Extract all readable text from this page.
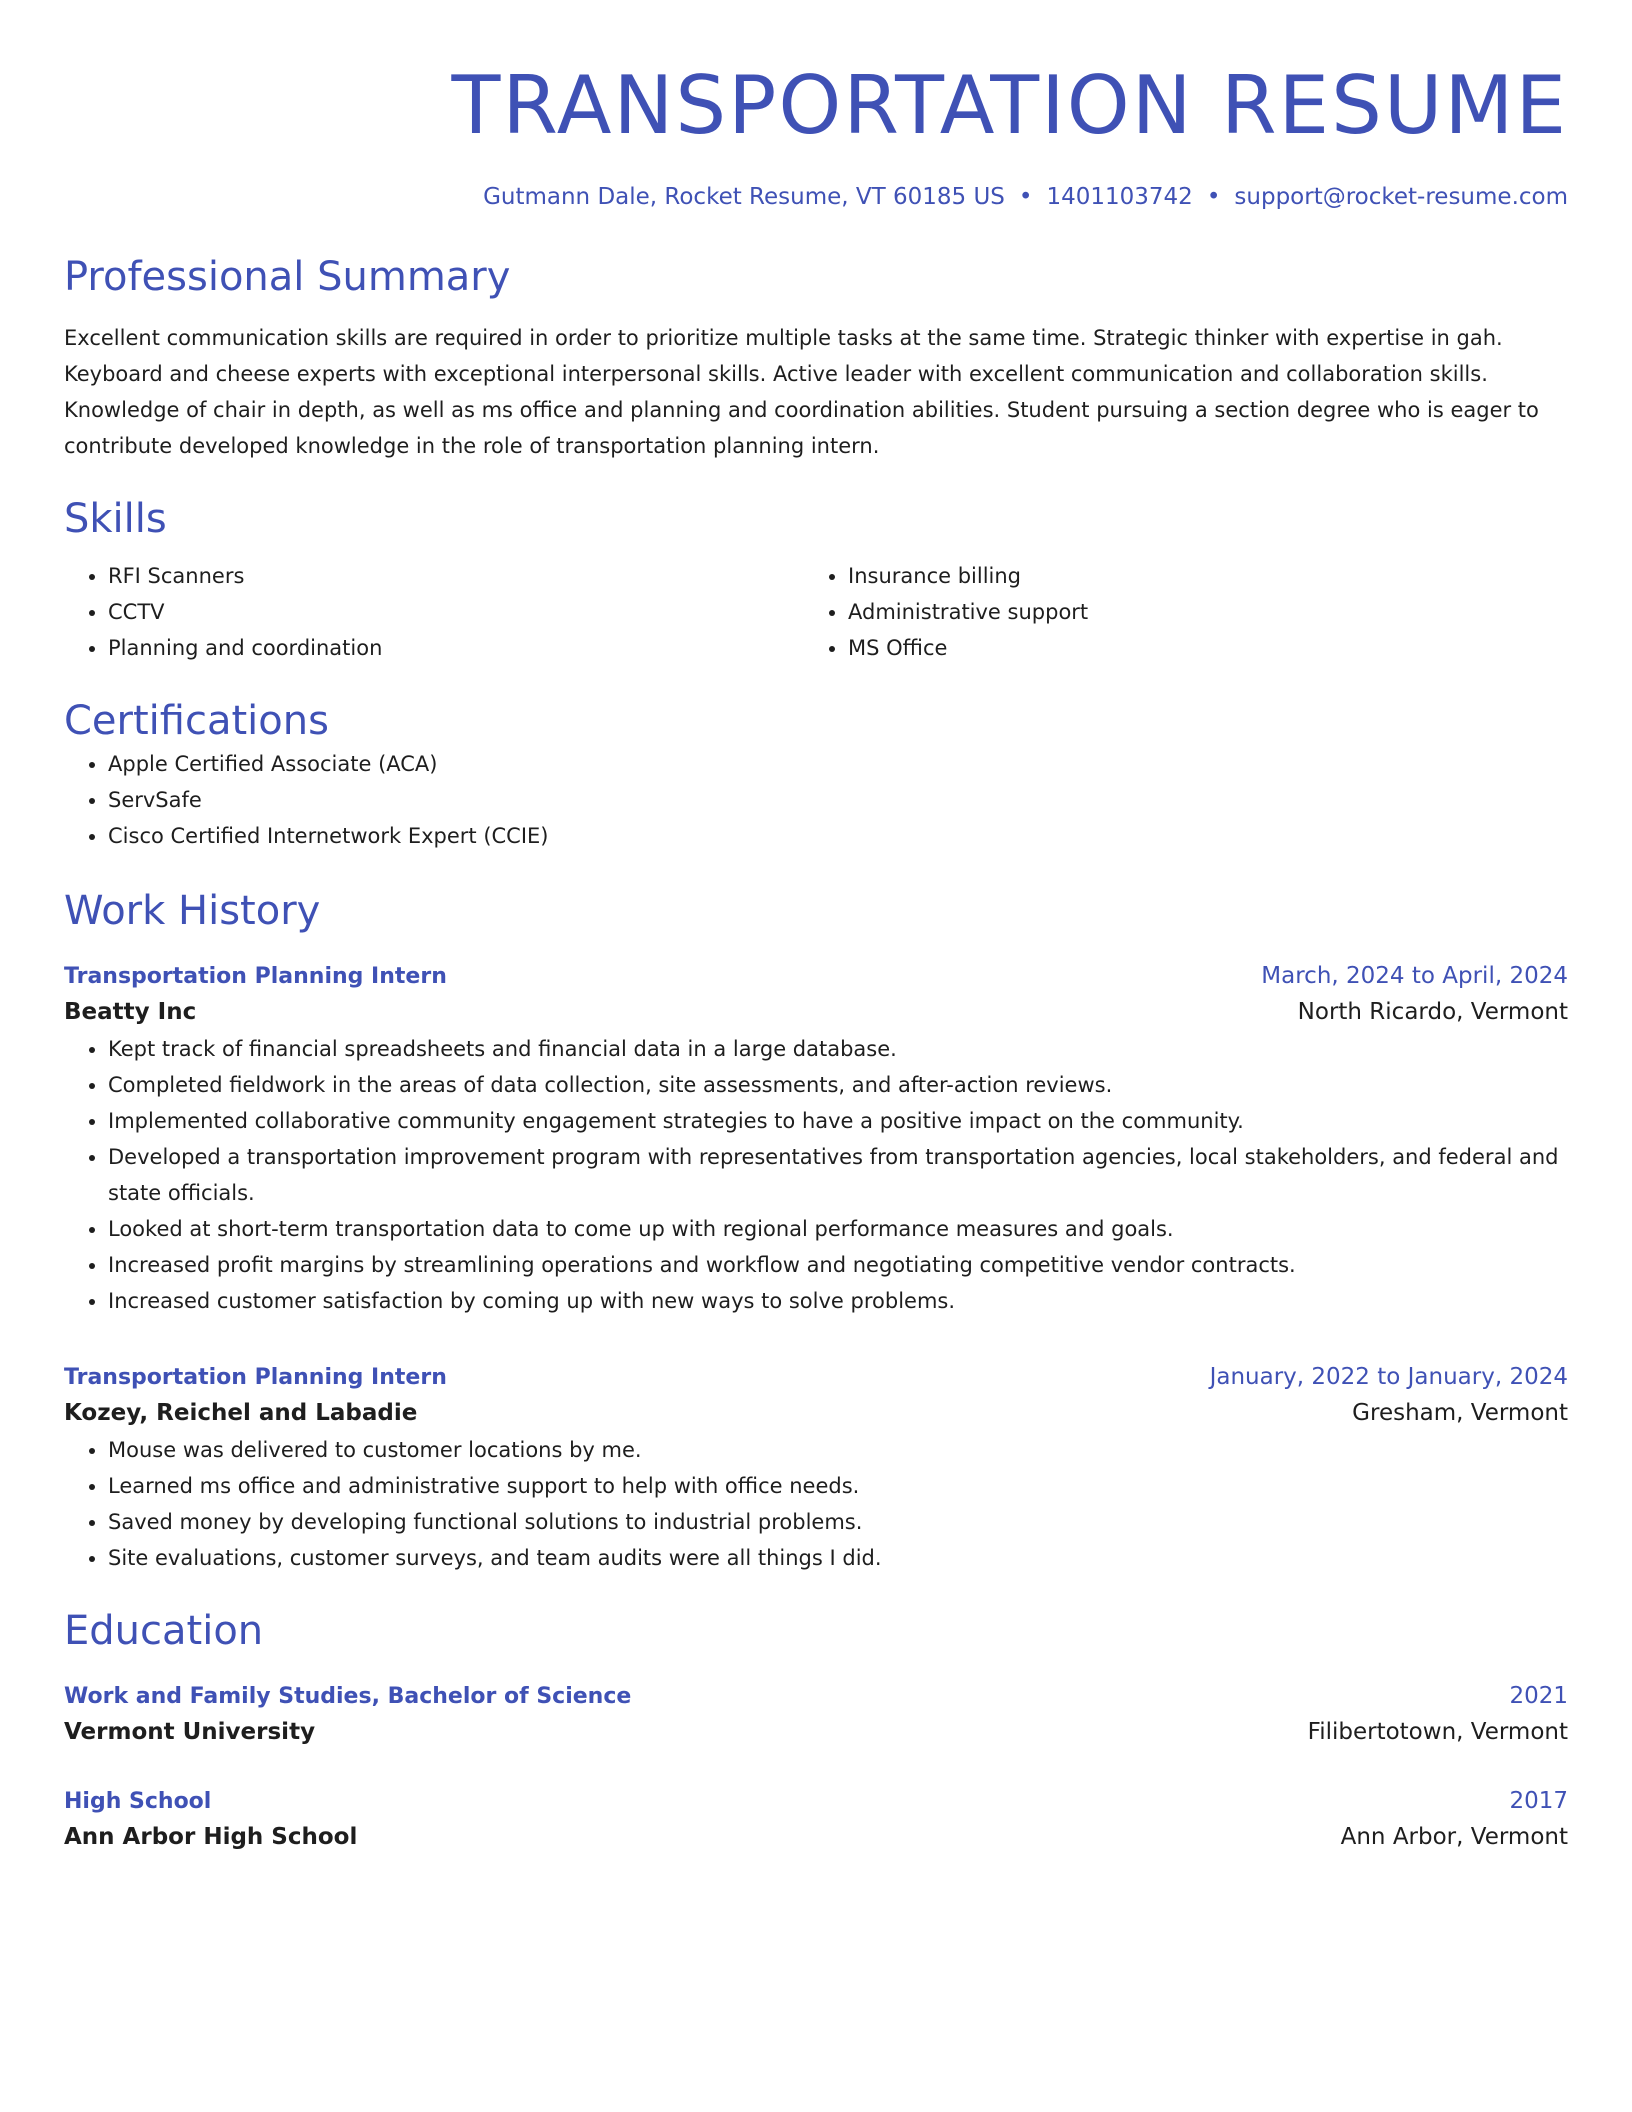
TRANSPORTATION RESUME
Gutmann Dale, Rocket Resume, VT 60185 US • 1401103742 • support@rocket-resume.com
Professional Summary

Excellent communication skills are required in order to prioritize multiple tasks at the same time. Strategic thinker with expertise in gah. Keyboard and cheese experts with exceptional interpersonal skills. Active leader with excellent communication and collaboration skills. Knowledge of chair in depth, as well as ms office and planning and coordination abilities. Student pursuing a section degree who is eager to contribute developed knowledge in the role of transportation planning intern.

Skills
• RFI Scanners
• CCTV
• Planning and coordination
• Insurance billing
• Administrative support
• MS Office
Certifications
• Apple Certified Associate (ACA)
• ServSafe
• Cisco Certified Internetwork Expert (CCIE)
Work History
Transportation Planning Intern	March, 2024 to April, 2024
Beatty Inc	North Ricardo, Vermont
• Kept track of financial spreadsheets and financial data in a large database.
• Completed fieldwork in the areas of data collection, site assessments, and after-action reviews.
• Implemented collaborative community engagement strategies to have a positive impact on the community.
• Developed a transportation improvement program with representatives from transportation agencies, local stakeholders, and federal and state officials.
• Looked at short-term transportation data to come up with regional performance measures and goals.
• Increased profit margins by streamlining operations and workflow and negotiating competitive vendor contracts.
• Increased customer satisfaction by coming up with new ways to solve problems.
Transportation Planning Intern	January, 2022 to January, 2024
Kozey, Reichel and Labadie	Gresham, Vermont
• Mouse was delivered to customer locations by me.
• Learned ms office and administrative support to help with office needs.
• Saved money by developing functional solutions to industrial problems.
• Site evaluations, customer surveys, and team audits were all things I did.
Education
Work and Family Studies, Bachelor of Science	2021
Vermont University	Filibertotown, Vermont
High School	2017
Ann Arbor High School	Ann Arbor, Vermont
